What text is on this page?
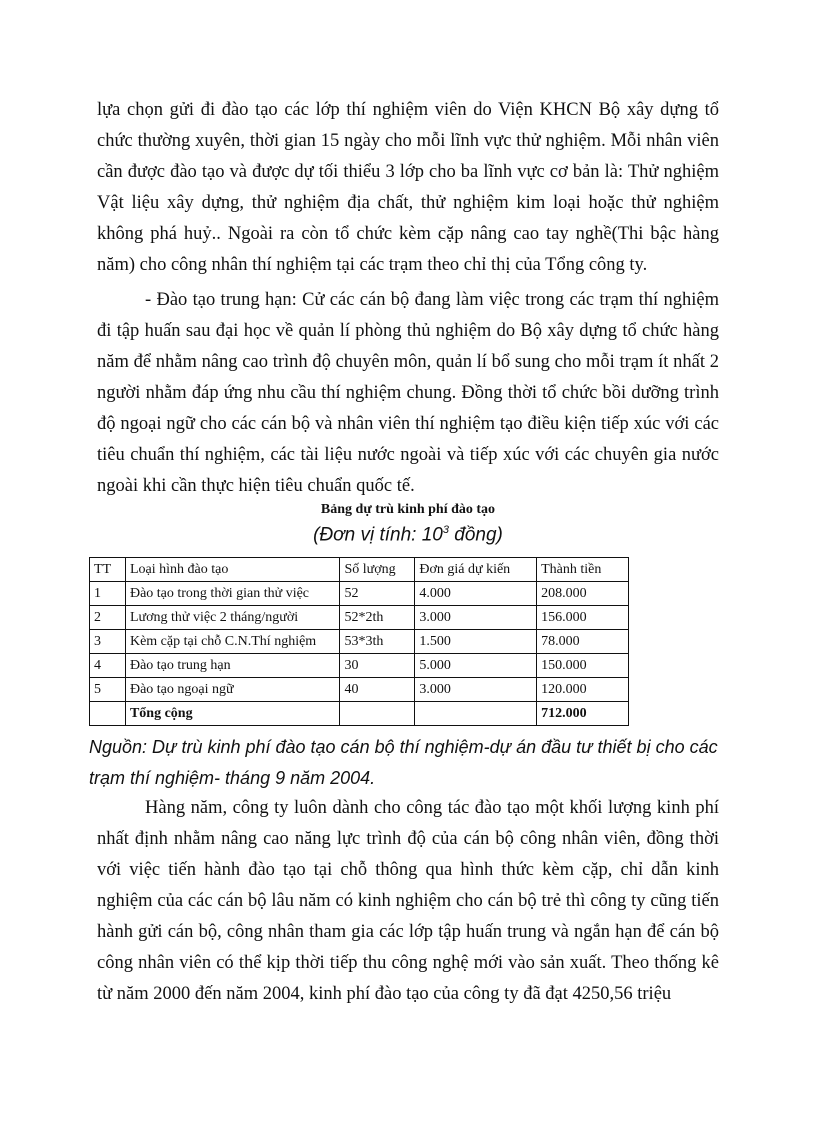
lựa chọn gửi đi đào tạo các lớp thí nghiệm viên do Viện KHCN Bộ xây dựng tổ chức thường xuyên, thời gian 15 ngày cho mỗi lĩnh vực thử nghiệm. Mỗi nhân viên cần được đào tạo và được dự tối thiểu 3 lớp cho ba lĩnh vực cơ bản là: Thử nghiệm Vật liệu xây dựng, thử nghiệm địa chất, thử nghiệm kim loại hoặc thử nghiệm không phá huỷ.. Ngoài ra còn tổ chức kèm cặp nâng cao tay nghề(Thi bậc hàng năm) cho công nhân thí nghiệm tại các trạm theo chỉ thị của Tổng công ty.

- Đào tạo trung hạn: Cử các cán bộ đang làm việc trong các trạm thí nghiệm đi tập huấn sau đại học về quản lí phòng thủ nghiệm do Bộ xây dựng tổ chức hàng năm để nhằm nâng cao trình độ chuyên môn, quản lí bổ sung cho mỗi trạm ít nhất 2 người nhằm đáp ứng nhu cầu thí nghiệm chung. Đồng thời tổ chức bồi dưỡng trình độ ngoại ngữ cho các cán bộ và nhân viên thí nghiệm tạo điều kiện tiếp xúc với các tiêu chuẩn thí nghiệm, các tài liệu nước ngoài và tiếp xúc với các chuyên gia nước ngoài khi cần thực hiện tiêu chuẩn quốc tế.

Bảng dự trù kinh phí đào tạo

(Đơn vị tính: $10^3$ đồng)

TT	Loại hình đào tạo	Số lượng	Đơn giá dự kiến	Thành tiền
1	Đào tạo trong thời gian thử việc	52	4.000	208.000
2	Lương thử việc 2 tháng/người	52*2th	3.000	156.000
3	Kèm cặp tại chỗ C.N.Thí nghiệm	53*3th	1.500	78.000
4	Đào tạo trung hạn	30	5.000	150.000
5	Đào tạo ngoại ngữ	40	3.000	120.000
	Tổng cộng			712.000

Nguồn: Dự trù kinh phí đào tạo cán bộ thí nghiệm-dự án đầu tư thiết bị cho các trạm thí nghiệm- tháng 9 năm 2004.

Hàng năm, công ty luôn dành cho công tác đào tạo một khối lượng kinh phí nhất định nhằm nâng cao năng lực trình độ của cán bộ công nhân viên, đồng thời với việc tiến hành đào tạo tại chỗ thông qua hình thức kèm cặp, chỉ dẫn kinh nghiệm của các cán bộ lâu năm có kinh nghiệm cho cán bộ trẻ thì công ty cũng tiến hành gửi cán bộ, công nhân tham gia các lớp tập huấn trung và ngắn hạn để cán bộ công nhân viên có thể kịp thời tiếp thu công nghệ mới vào sản xuất. Theo thống kê từ năm 2000 đến năm 2004, kinh phí đào tạo của công ty đã đạt 4250,56 triệu
